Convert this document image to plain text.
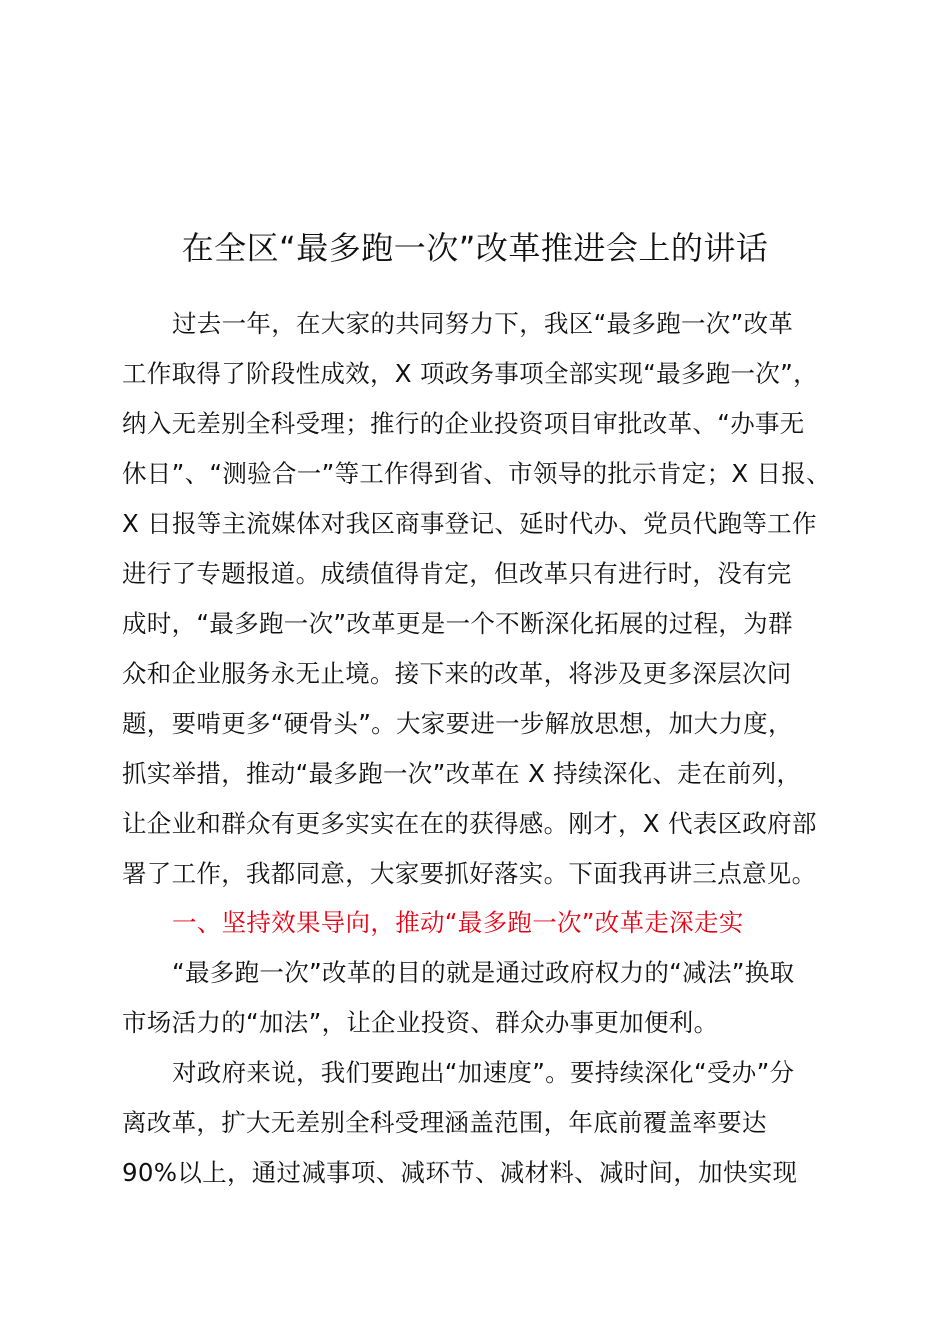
在全区“最多跑一次”改革推进会上的讲话
过去一年，在大家的共同努力下，我区“最多跑一次”改革
工作取得了阶段性成效，X 项政务事项全部实现“最多跑一次”，
纳入无差别全科受理；推行的企业投资项目审批改革、“办事无
休日”、“测验合一”等工作得到省、市领导的批示肯定；X 日报、
X 日报等主流媒体对我区商事登记、延时代办、党员代跑等工作
进行了专题报道。成绩值得肯定，但改革只有进行时，没有完
成时，“最多跑一次”改革更是一个不断深化拓展的过程，为群
众和企业服务永无止境。接下来的改革，将涉及更多深层次问
题，要啃更多“硬骨头”。大家要进一步解放思想，加大力度，
抓实举措，推动“最多跑一次”改革在 X 持续深化、走在前列，
让企业和群众有更多实实在在的获得感。刚才，X 代表区政府部
署了工作，我都同意，大家要抓好落实。下面我再讲三点意见。
一、坚持效果导向，推动“最多跑一次”改革走深走实
“最多跑一次”改革的目的就是通过政府权力的“减法”换取
市场活力的“加法”，让企业投资、群众办事更加便利。
对政府来说，我们要跑出“加速度”。要持续深化“受办”分
离改革，扩大无差别全科受理涵盖范围，年底前覆盖率要达
90%以上，通过减事项、减环节、减材料、减时间，加快实现
